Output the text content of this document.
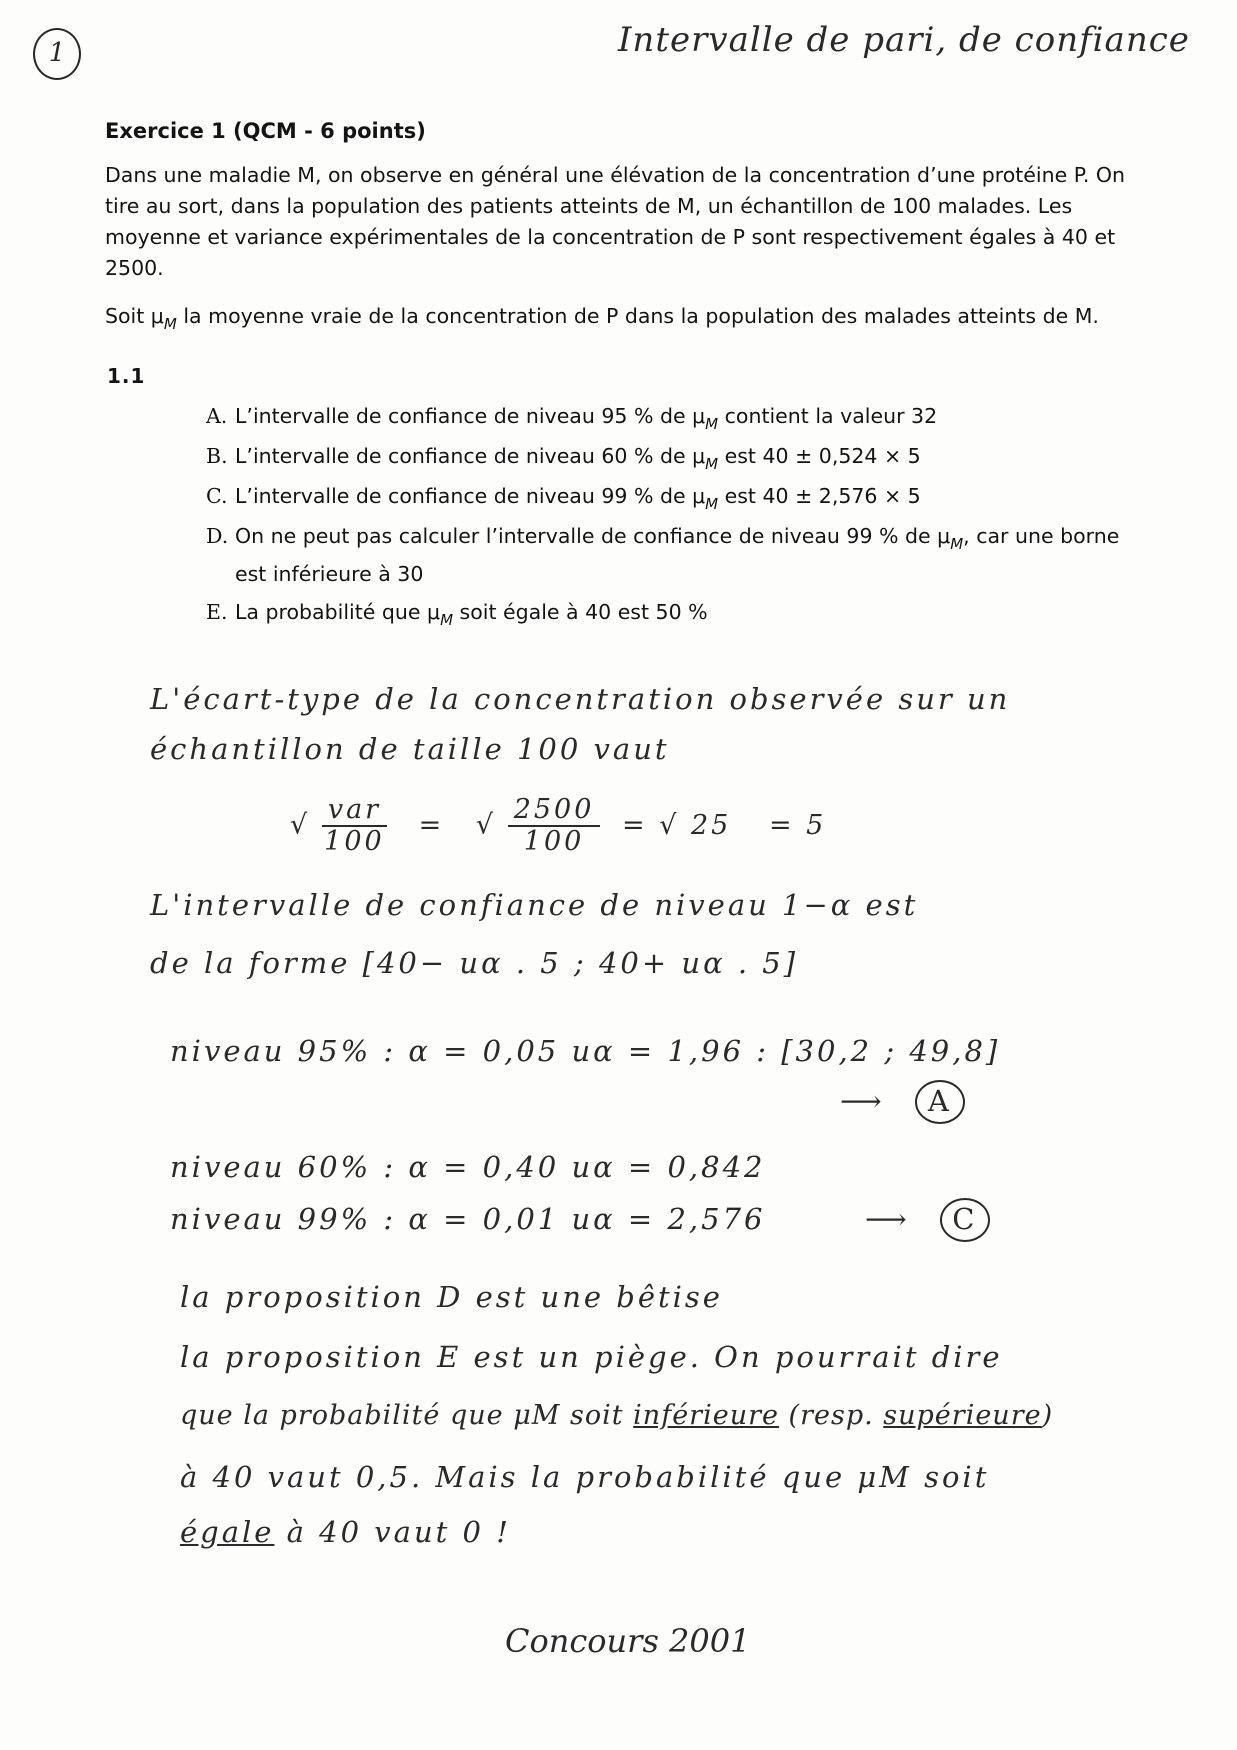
1	Intervalle de pari, de confiance
Exercice 1 (QCM - 6 points)
Dans une maladie M, on observe en général une élévation de la concentration d’une protéine P. On
tire au sort, dans la population des patients atteints de M, un échantillon de 100 malades. Les
moyenne et variance expérimentales de la concentration de P sont respectivement égales à 40 et
2500.
Soit $\mu_M$ la moyenne vraie de la concentration de P dans la population des malades atteints de M.
1.1
A. L’intervalle de confiance de niveau 95 % de $\mu_M$ contient la valeur 32
B. L’intervalle de confiance de niveau 60 % de $\mu_M$ est 40 ± 0,524 × 5
C. L’intervalle de confiance de niveau 99 % de $\mu_M$ est 40 ± 2,576 × 5
D. On ne peut pas calculer l’intervalle de confiance de niveau 99 % de $\mu_M$, car une borne
est inférieure à 30
E. La probabilité que $\mu_M$ soit égale à 40 est 50 %
L'écart-type de la concentration observée sur un
échantillon de taille 100 vaut
√ $\frac{\text{var}}{100}$ = √ $\frac{2500}{100}$ = √ 25 = 5
L'intervalle de confiance de niveau 1−α est
de la forme [40− uα . 5 ; 40+ uα . 5]
niveau 95% : α = 0,05 uα = 1,96 : [30,2 ; 49,8]
⟶ A
niveau 60% : α = 0,40 uα = 0,842
niveau 99% : α = 0,01 uα = 2,576	⟶ C
la proposition D est une bêtise
la proposition E est un piège. On pourrait dire
que la probabilité que μM soit inférieure (resp. supérieure)
à 40 vaut 0,5. Mais la probabilité que μM soit
égale à 40 vaut 0 !
Concours 2001
